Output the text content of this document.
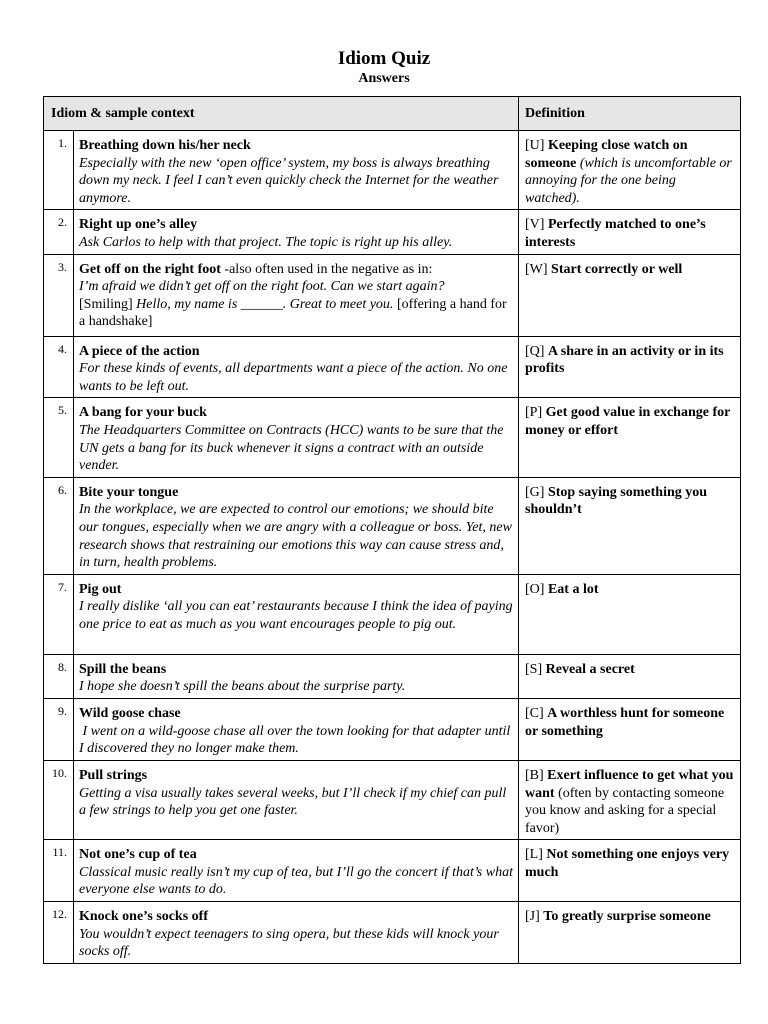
Idiom Quiz
Answers
Idiom & sample context		Definition
1.	Breathing down his/her neck
Especially with the new ‘open office’ system, my boss is always breathing down my neck. I feel I can’t even quickly check the Internet for the weather anymore.	[U] Keeping close watch on someone (which is uncomfortable or annoying for the one being watched).
2.	Right up one’s alley
Ask Carlos to help with that project. The topic is right up his alley.	[V] Perfectly matched to one’s interests
3.	Get off on the right foot -also often used in the negative as in:
I’m afraid we didn’t get off on the right foot. Can we start again?
[Smiling] Hello, my name is ______. Great to meet you. [offering a hand for a handshake]	[W] Start correctly or well
4.	A piece of the action
For these kinds of events, all departments want a piece of the action. No one wants to be left out.	[Q] A share in an activity or in its profits
5.	A bang for your buck
The Headquarters Committee on Contracts (HCC) wants to be sure that the UN gets a bang for its buck whenever it signs a contract with an outside vender.	[P] Get good value in exchange for money or effort
6.	Bite your tongue
In the workplace, we are expected to control our emotions; we should bite our tongues, especially when we are angry with a colleague or boss. Yet, new research shows that restraining our emotions this way can cause stress and, in turn, health problems.	[G] Stop saying something you shouldn’t
7.	Pig out
I really dislike ‘all you can eat’ restaurants because I think the idea of paying one price to eat as much as you want encourages people to pig out.	[O] Eat a lot
8.	Spill the beans
I hope she doesn’t spill the beans about the surprise party.	[S] Reveal a secret
9.	Wild goose chase
I went on a wild-goose chase all over the town looking for that adapter until I discovered they no longer make them.	[C] A worthless hunt for someone or something
10.	Pull strings
Getting a visa usually takes several weeks, but I’ll check if my chief can pull a few strings to help you get one faster.	[B] Exert influence to get what you want (often by contacting someone you know and asking for a special favor)
11.	Not one’s cup of tea
Classical music really isn’t my cup of tea, but I’ll go the concert if that’s what everyone else wants to do.	[L] Not something one enjoys very much
12.	Knock one’s socks off
You wouldn’t expect teenagers to sing opera, but these kids will knock your socks off.	[J] To greatly surprise someone
